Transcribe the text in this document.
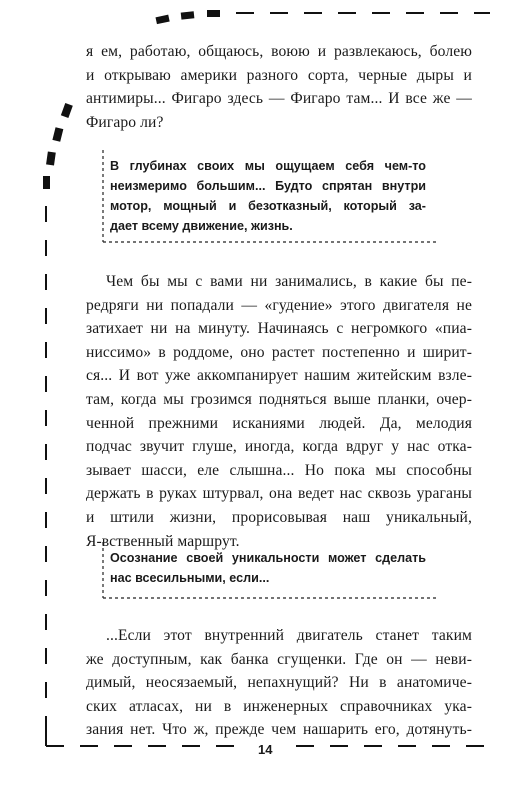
я ем, работаю, общаюсь, воюю и развлекаюсь, болею
и открываю америки разного сорта, черные дыры и
антимиры... Фигаро здесь — Фигаро там... И все же —
Фигаро ли?
В глубинах своих мы ощущаем себя чем-то
неизмеримо большим... Будто спрятан внутри
мотор, мощный и безотказный, который за-
дает всему движение, жизнь.
Чем бы мы с вами ни занимались, в какие бы пе-
редряги ни попадали — «гудение» этого двигателя не
затихает ни на минуту. Начинаясь с негромкого «пиа-
ниссимо» в роддоме, оно растет постепенно и ширит-
ся... И вот уже аккомпанирует нашим житейским взле-
там, когда мы грозимся подняться выше планки, очер-
ченной прежними исканиями людей. Да, мелодия
подчас звучит глуше, иногда, когда вдруг у нас отка-
зывает шасси, еле слышна... Но пока мы способны
держать в руках штурвал, она ведет нас сквозь ураганы
и штили жизни, прорисовывая наш уникальный,
Я-вственный маршрут.
Осознание своей уникальности может сделать
нас всесильными, если...
...Если этот внутренний двигатель станет таким
же доступным, как банка сгущенки. Где он — неви-
димый, неосязаемый, непахнущий? Ни в анатомиче-
ских атласах, ни в инженерных справочниках ука-
зания нет. Что ж, прежде чем нашарить его, дотянуть-
14
